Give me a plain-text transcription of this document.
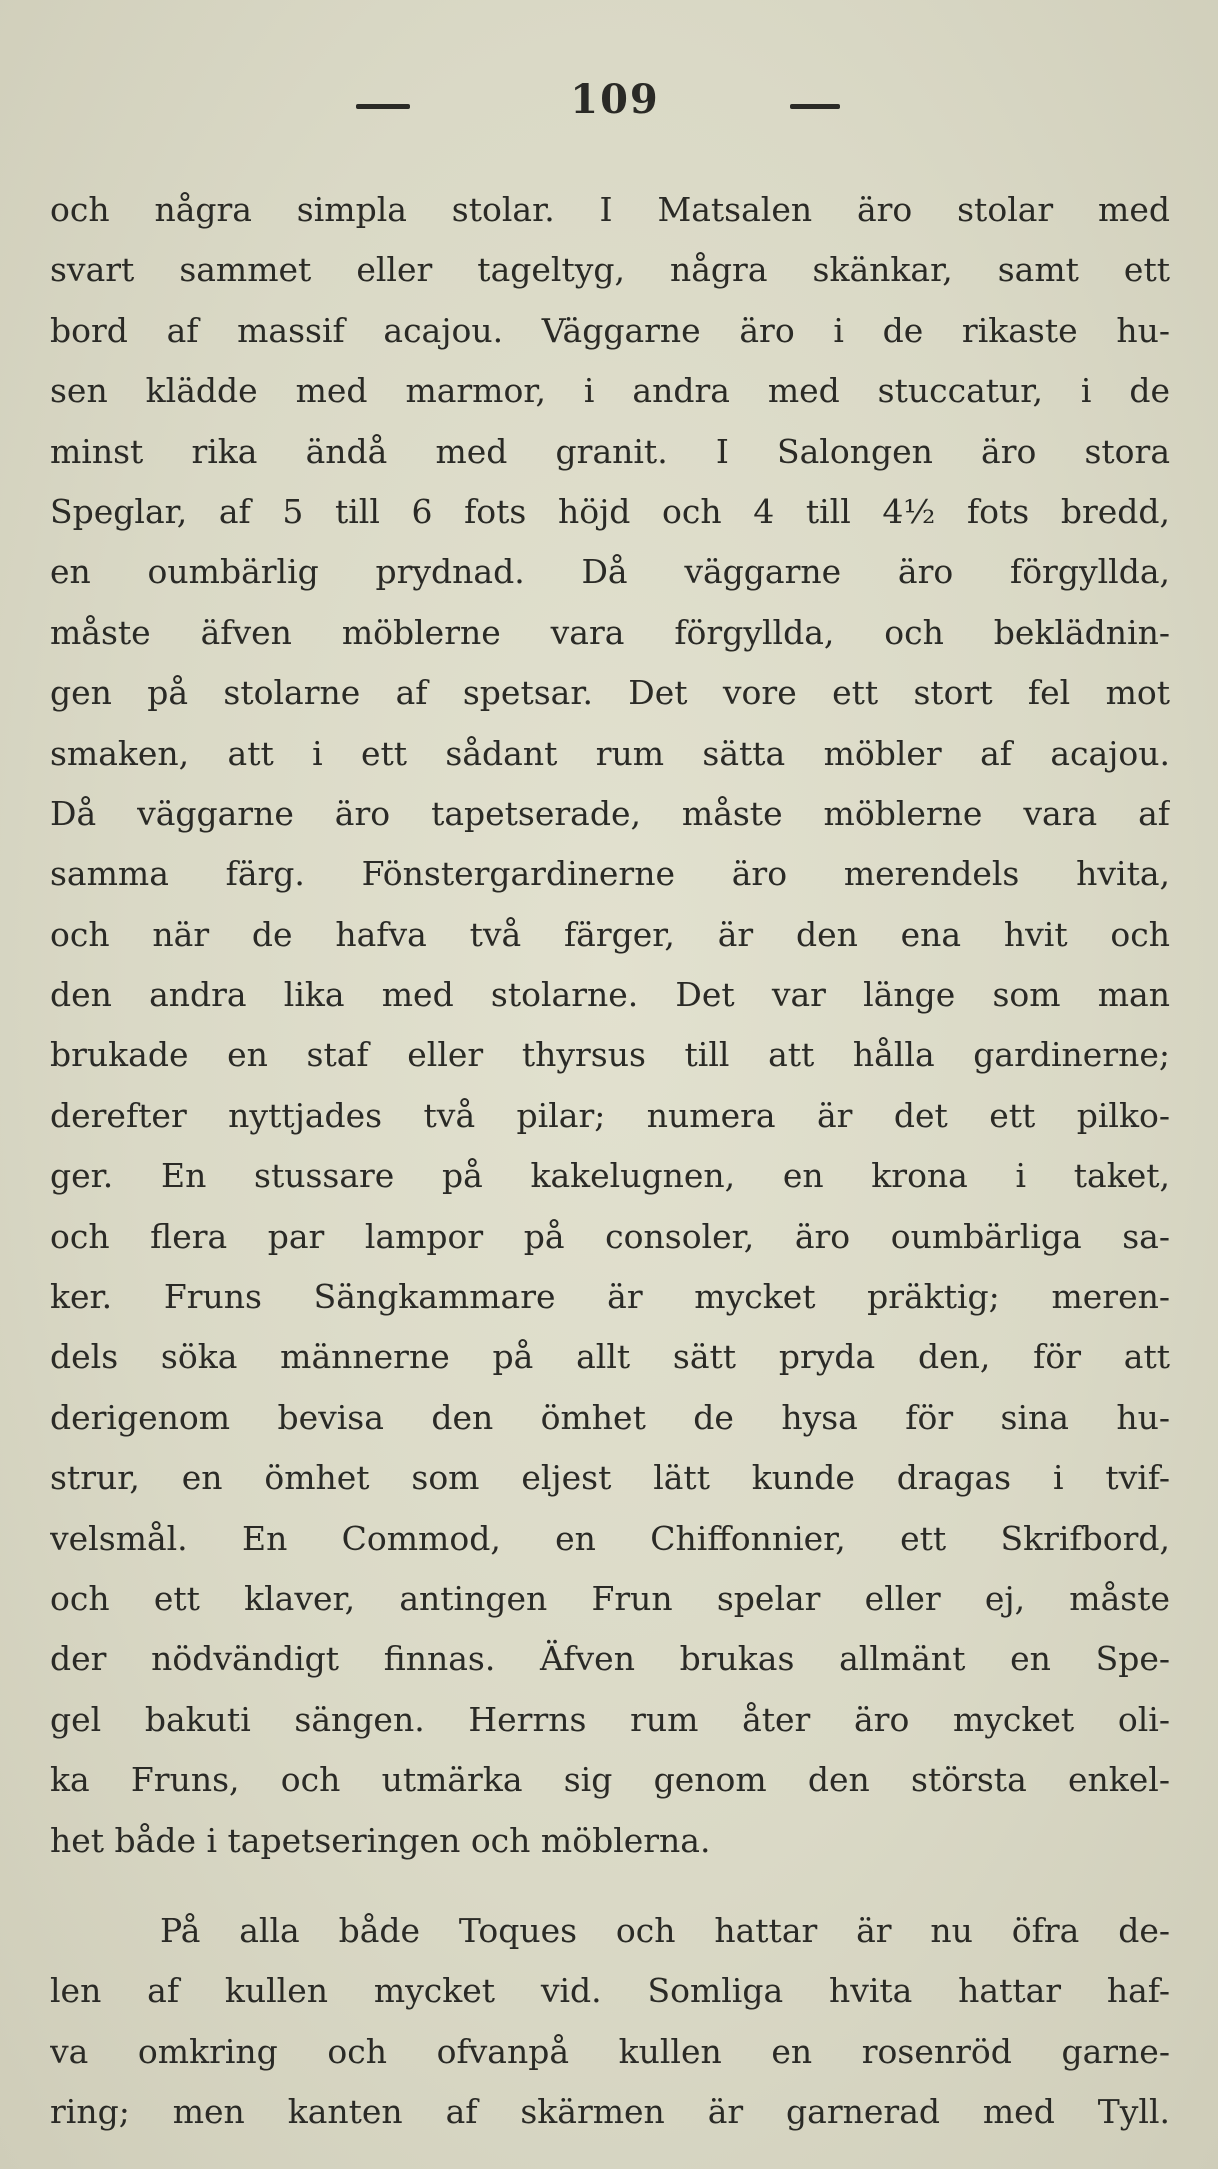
109
och några simpla stolar. I Matsalen äro stolar med
svart sammet eller tageltyg, några skänkar, samt ett
bord af massif acajou. Väggarne äro i de rikaste hu-
sen klädde med marmor, i andra med stuccatur, i de
minst rika ändå med granit. I Salongen äro stora
Speglar, af 5 till 6 fots höjd och 4 till 4½ fots bredd,
en oumbärlig prydnad. Då väggarne äro förgyllda,
måste äfven möblerne vara förgyllda, och beklädnin-
gen på stolarne af spetsar. Det vore ett stort fel mot
smaken, att i ett sådant rum sätta möbler af acajou.
Då väggarne äro tapetserade, måste möblerne vara af
samma färg. Fönstergardinerne äro merendels hvita,
och när de hafva två färger, är den ena hvit och
den andra lika med stolarne. Det var länge som man
brukade en staf eller thyrsus till att hålla gardinerne;
derefter nyttjades två pilar; numera är det ett pilko-
ger. En stussare på kakelugnen, en krona i taket,
och flera par lampor på consoler, äro oumbärliga sa-
ker. Fruns Sängkammare är mycket präktig; meren-
dels söka männerne på allt sätt pryda den, för att
derigenom bevisa den ömhet de hysa för sina hu-
strur, en ömhet som eljest lätt kunde dragas i tvif-
velsmål. En Commod, en Chiffonnier, ett Skrifbord,
och ett klaver, antingen Frun spelar eller ej, måste
der nödvändigt finnas. Äfven brukas allmänt en Spe-
gel bakuti sängen. Herrns rum åter äro mycket oli-
ka Fruns, och utmärka sig genom den största enkel-
het både i tapetseringen och möblerna.
På alla både Toques och hattar är nu öfra de-
len af kullen mycket vid. Somliga hvita hattar haf-
va omkring och ofvanpå kullen en rosenröd garne-
ring; men kanten af skärmen är garnerad med Tyll.
